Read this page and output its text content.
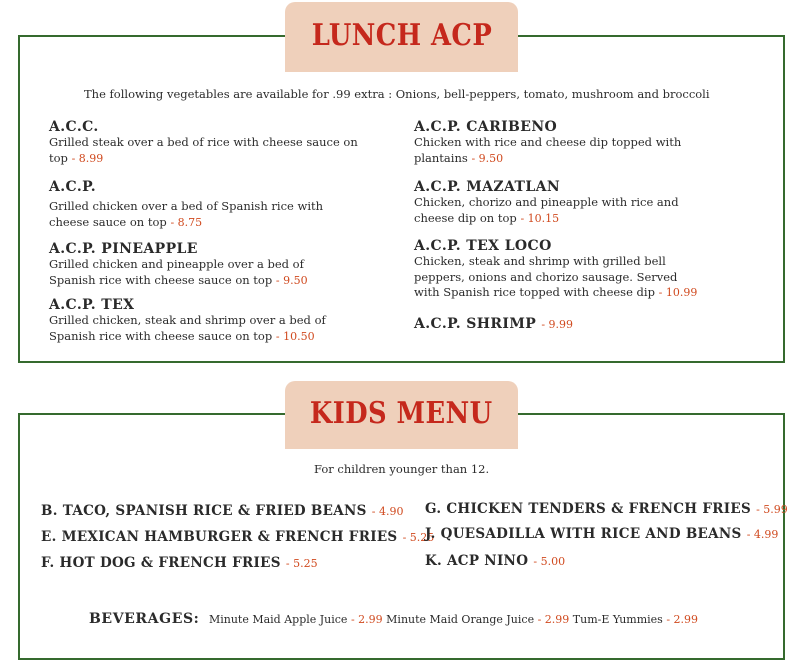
LUNCH ACP
The following vegetables are available for .99 extra : Onions, bell-peppers, tomato, mushroom and broccoli
A.C.C.
Grilled steak over a bed of rice with cheese sauce on top - 8.99
A.C.P.
Grilled chicken over a bed of Spanish rice with cheese sauce on top - 8.75
A.C.P. PINEAPPLE
Grilled chicken and pineapple over a bed of Spanish rice with cheese sauce on top - 9.50
A.C.P. TEX
Grilled chicken, steak and shrimp over a bed of Spanish rice with cheese sauce on top - 10.50
A.C.P. CARIBENO
Chicken with rice and cheese dip topped with plantains - 9.50
A.C.P. MAZATLAN
Chicken, chorizo and pineapple with rice and cheese dip on top - 10.15
A.C.P. TEX LOCO
Chicken, steak and shrimp with grilled bell peppers, onions and chorizo sausage. Served with Spanish rice topped with cheese dip - 10.99
A.C.P. SHRIMP - 9.99
KIDS MENU
For children younger than 12.
B. TACO, SPANISH RICE & FRIED BEANS - 4.90
E. MEXICAN HAMBURGER & FRENCH FRIES - 5.25
F. HOT DOG & FRENCH FRIES - 5.25
G. CHICKEN TENDERS & FRENCH FRIES - 5.99
J. QUESADILLA WITH RICE AND BEANS - 4.99
K. ACP NINO - 5.00
BEVERAGES: Minute Maid Apple Juice - 2.99 Minute Maid Orange Juice - 2.99 Tum-E Yummies - 2.99
